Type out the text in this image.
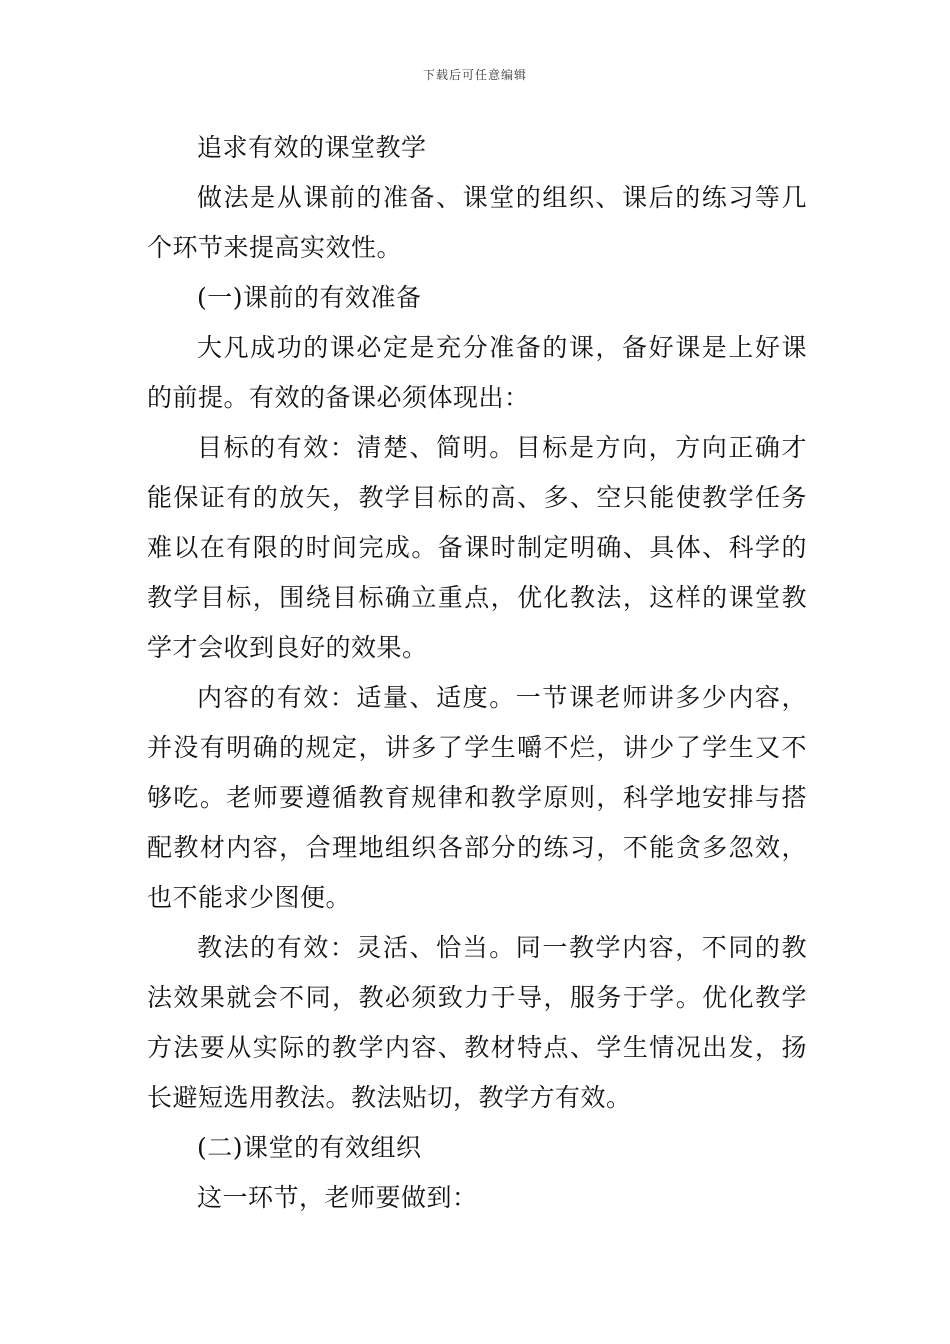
下载后可任意编辑

追求有效的课堂教学

做法是从课前的准备、课堂的组织、课后的练习等几个环节来提高实效性。

(一)课前的有效准备

大凡成功的课必定是充分准备的课，备好课是上好课的前提。有效的备课必须体现出：

目标的有效：清楚、简明。目标是方向，方向正确才能保证有的放矢，教学目标的高、多、空只能使教学任务难以在有限的时间完成。备课时制定明确、具体、科学的教学目标，围绕目标确立重点，优化教法，这样的课堂教学才会收到良好的效果。

内容的有效：适量、适度。一节课老师讲多少内容，并没有明确的规定，讲多了学生嚼不烂，讲少了学生又不够吃。老师要遵循教育规律和教学原则，科学地安排与搭配教材内容，合理地组织各部分的练习，不能贪多忽效，也不能求少图便。

教法的有效：灵活、恰当。同一教学内容，不同的教法效果就会不同，教必须致力于导，服务于学。优化教学方法要从实际的教学内容、教材特点、学生情况出发，扬长避短选用教法。教法贴切，教学方有效。

(二)课堂的有效组织

这一环节，老师要做到：
